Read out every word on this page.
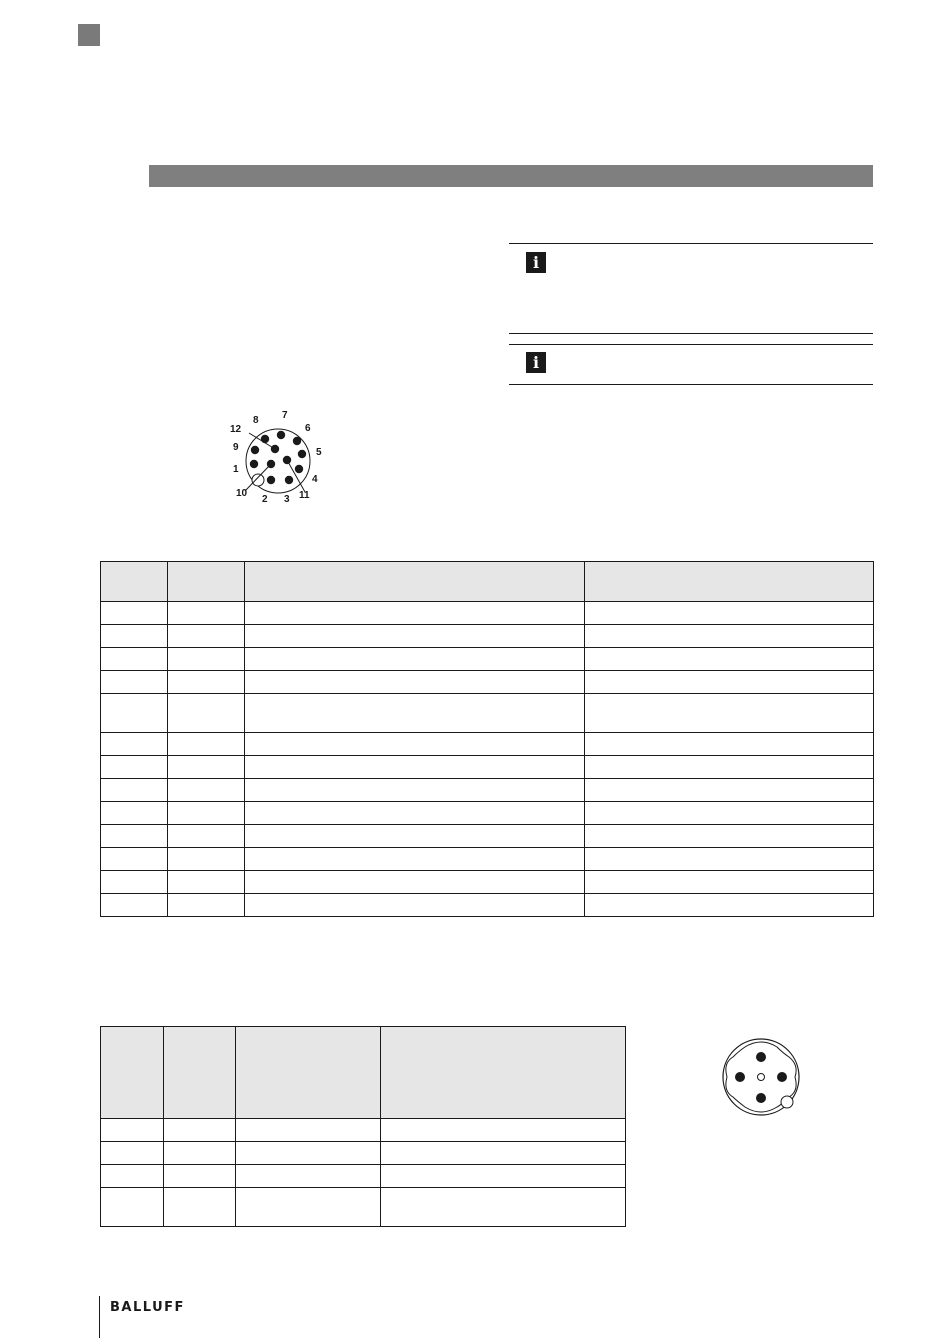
i
i
7
6
8
12
9	5
1
4
10
2 3 11

BALLUFF
